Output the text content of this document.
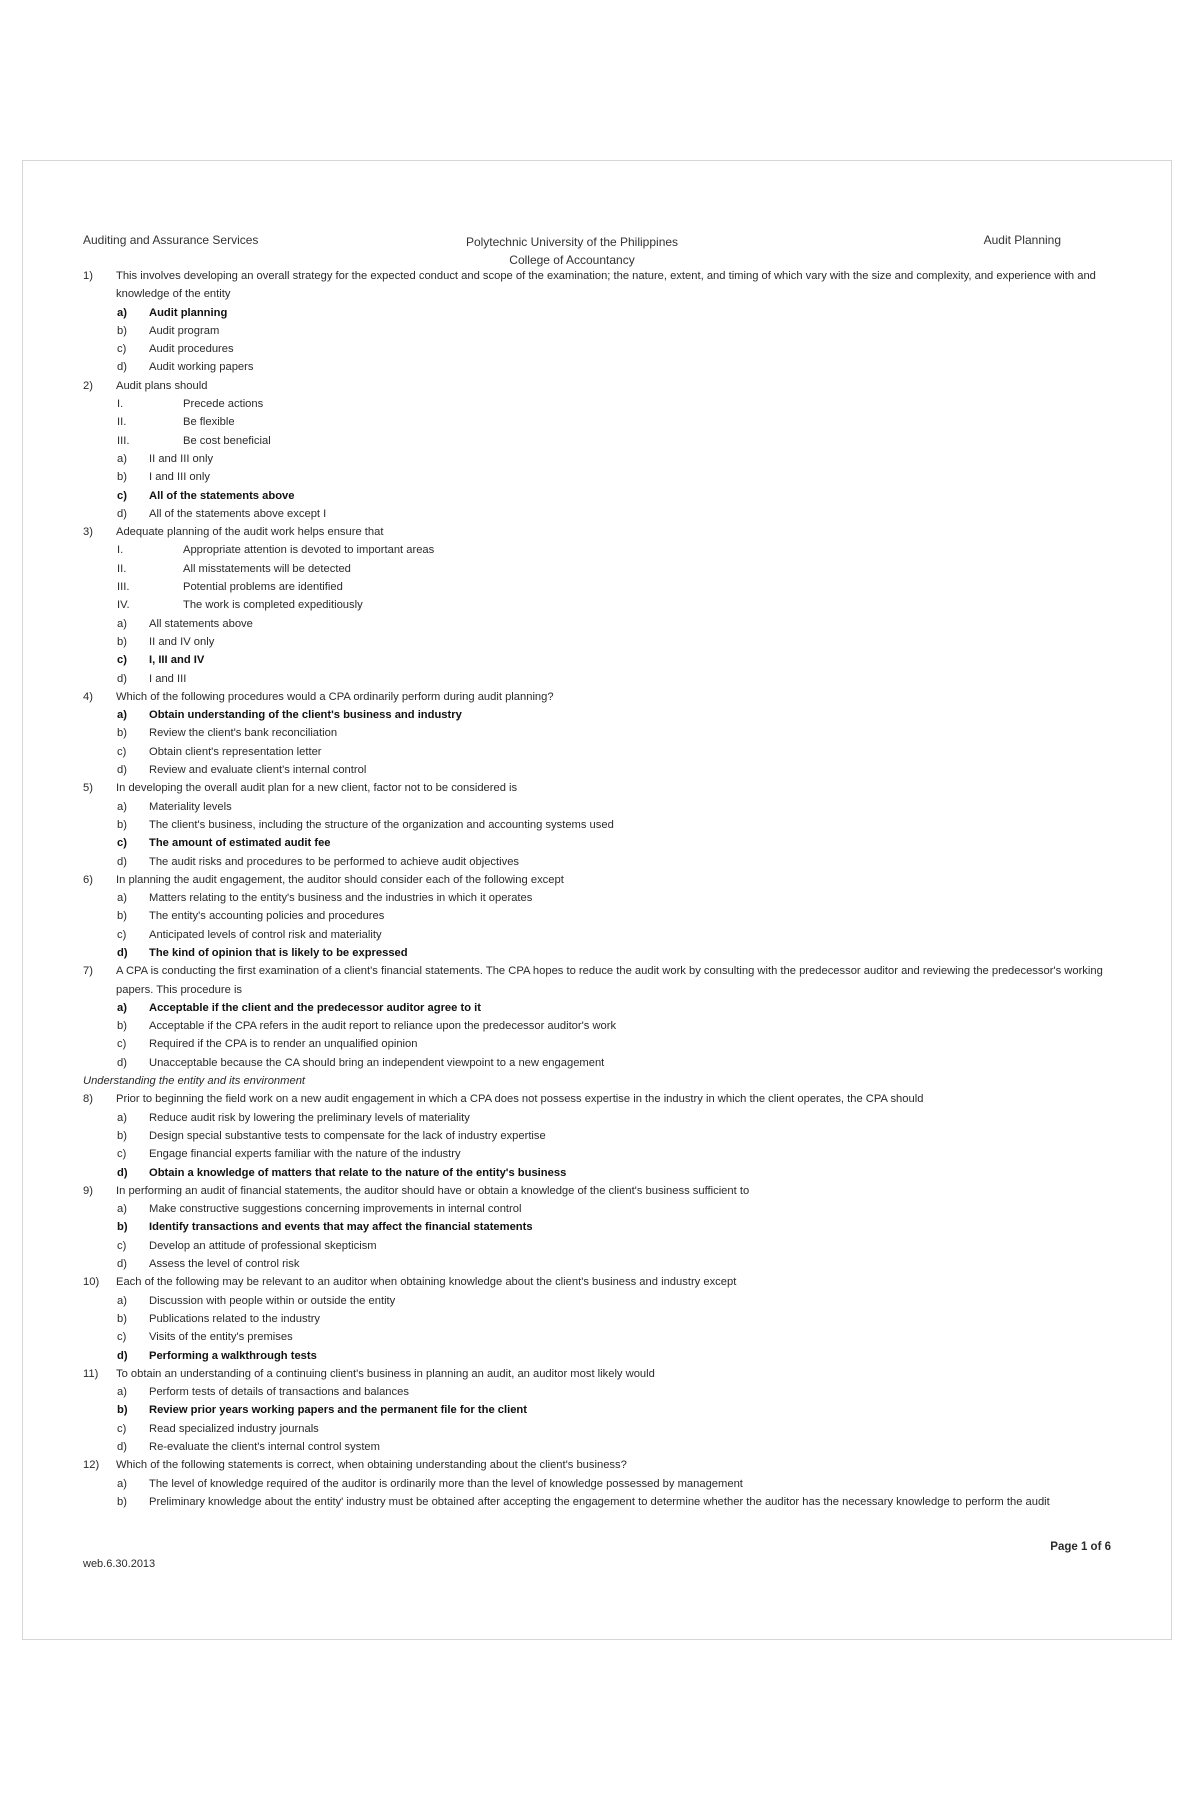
Auditing and Assurance Services	Polytechnic University of the Philippines
College of Accountancy
Audit Planning
1)	This involves developing an overall strategy for the expected conduct and scope of the examination; the nature, extent, and timing of which vary with the size and complexity, and experience with and knowledge of the entity
a) Audit planning
b) Audit program
c) Audit procedures
d) Audit working papers
2)	Audit plans should
I.	Precede actions
II.	Be flexible
III.	Be cost beneficial
a) II and III only
b) I and III only
c) All of the statements above
d) All of the statements above except I
3)	Adequate planning of the audit work helps ensure that
I.	Appropriate attention is devoted to important areas
II.	All misstatements will be detected
III.	Potential problems are identified
IV.	The work is completed expeditiously
a) All statements above
b) II and IV only
c) I, III and IV
d) I and III
4)	Which of the following procedures would a CPA ordinarily perform during audit planning?
a) Obtain understanding of the client's business and industry
b) Review the client's bank reconciliation
c) Obtain client's representation letter
d) Review and evaluate client's internal control
5)	In developing the overall audit plan for a new client, factor not to be considered is
a) Materiality levels
b) The client's business, including the structure of the organization and accounting systems used
c) The amount of estimated audit fee
d) The audit risks and procedures to be performed to achieve audit objectives
6)	In planning the audit engagement, the auditor should consider each of the following except
a) Matters relating to the entity's business and the industries in which it operates
b) The entity's accounting policies and procedures
c) Anticipated levels of control risk and materiality
d) The kind of opinion that is likely to be expressed
7)	A CPA is conducting the first examination of a client's financial statements. The CPA hopes to reduce the audit work by consulting with the predecessor auditor and reviewing the predecessor's working papers. This procedure is
a) Acceptable if the client and the predecessor auditor agree to it
b) Acceptable if the CPA refers in the audit report to reliance upon the predecessor auditor's work
c) Required if the CPA is to render an unqualified opinion
d) Unacceptable because the CA should bring an independent viewpoint to a new engagement
Understanding the entity and its environment
8)	Prior to beginning the field work on a new audit engagement in which a CPA does not possess expertise in the industry in which the client operates, the CPA should
a) Reduce audit risk by lowering the preliminary levels of materiality
b) Design special substantive tests to compensate for the lack of industry expertise
c) Engage financial experts familiar with the nature of the industry
d) Obtain a knowledge of matters that relate to the nature of the entity's business
9)	In performing an audit of financial statements, the auditor should have or obtain a knowledge of the client's business sufficient to
a) Make constructive suggestions concerning improvements in internal control
b) Identify transactions and events that may affect the financial statements
c) Develop an attitude of professional skepticism
d) Assess the level of control risk
10)	Each of the following may be relevant to an auditor when obtaining knowledge about the client's business and industry except
a) Discussion with people within or outside the entity
b) Publications related to the industry
c) Visits of the entity's premises
d) Performing a walkthrough tests
11)	To obtain an understanding of a continuing client's business in planning an audit, an auditor most likely would
a) Perform tests of details of transactions and balances
b) Review prior years working papers and the permanent file for the client
c) Read specialized industry journals
d) Re-evaluate the client's internal control system
12)	Which of the following statements is correct, when obtaining understanding about the client's business?
a) The level of knowledge required of the auditor is ordinarily more than the level of knowledge possessed by management
b) Preliminary knowledge about the entity' industry must be obtained after accepting the engagement to determine whether the auditor has the necessary knowledge to perform the audit
Page 1 of 6
web.6.30.2013
